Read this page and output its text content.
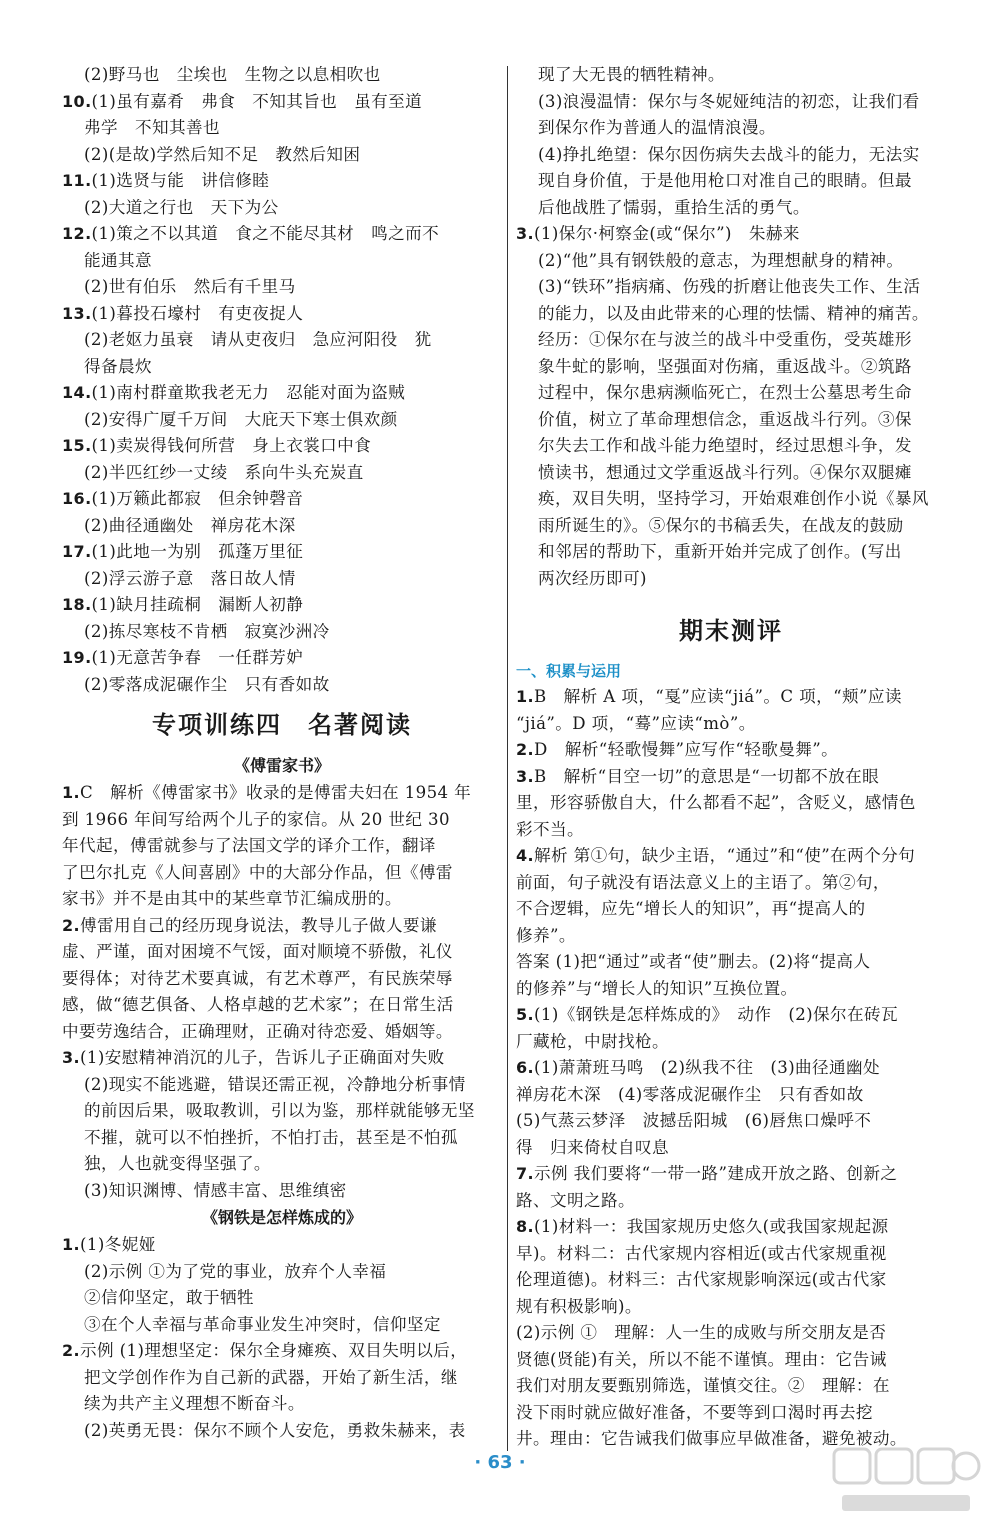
(2)野马也　尘埃也　生物之以息相吹也
10.(1)虽有嘉肴　弗食　不知其旨也　虽有至道
弗学　不知其善也
(2)(是故)学然后知不足　教然后知困
11.(1)选贤与能　讲信修睦
(2)大道之行也　天下为公
12.(1)策之不以其道　食之不能尽其材　鸣之而不
能通其意
(2)世有伯乐　然后有千里马
13.(1)暮投石壕村　有吏夜捉人
(2)老妪力虽衰　请从吏夜归　急应河阳役　犹
得备晨炊
14.(1)南村群童欺我老无力　忍能对面为盗贼
(2)安得广厦千万间　大庇天下寒士俱欢颜
15.(1)卖炭得钱何所营　身上衣裳口中食
(2)半匹红纱一丈绫　系向牛头充炭直
16.(1)万籁此都寂　但余钟磬音
(2)曲径通幽处　禅房花木深
17.(1)此地一为别　孤蓬万里征
(2)浮云游子意　落日故人情
18.(1)缺月挂疏桐　漏断人初静
(2)拣尽寒枝不肯栖　寂寞沙洲冷
19.(1)无意苦争春　一任群芳妒
(2)零落成泥碾作尘　只有香如故
专项训练四　名著阅读
《傅雷家书》
1.C　解析《傅雷家书》收录的是傅雷夫妇在 1954 年
到 1966 年间写给两个儿子的家信。从 20 世纪 30
年代起，傅雷就参与了法国文学的译介工作，翻译
了巴尔扎克《人间喜剧》中的大部分作品，但《傅雷
家书》并不是由其中的某些章节汇编成册的。
2.傅雷用自己的经历现身说法，教导儿子做人要谦
虚、严谨，面对困境不气馁，面对顺境不骄傲，礼仪
要得体；对待艺术要真诚，有艺术尊严，有民族荣辱
感，做“德艺俱备、人格卓越的艺术家”；在日常生活
中要劳逸结合，正确理财，正确对待恋爱、婚姻等。
3.(1)安慰精神消沉的儿子，告诉儿子正确面对失败
(2)现实不能逃避，错误还需正视，冷静地分析事情
的前因后果，吸取教训，引以为鉴，那样就能够无坚
不摧，就可以不怕挫折，不怕打击，甚至是不怕孤
独，人也就变得坚强了。
(3)知识渊博、情感丰富、思维缜密
《钢铁是怎样炼成的》
1.(1)冬妮娅
(2)示例 ①为了党的事业，放弃个人幸福
②信仰坚定，敢于牺牲
③在个人幸福与革命事业发生冲突时，信仰坚定
2.示例 (1)理想坚定：保尔全身瘫痪、双目失明以后，
把文学创作作为自己新的武器，开始了新生活，继
续为共产主义理想不断奋斗。
(2)英勇无畏：保尔不顾个人安危，勇救朱赫来，表
现了大无畏的牺牲精神。
(3)浪漫温情：保尔与冬妮娅纯洁的初恋，让我们看
到保尔作为普通人的温情浪漫。
(4)挣扎绝望：保尔因伤病失去战斗的能力，无法实
现自身价值，于是他用枪口对准自己的眼睛。但最
后他战胜了懦弱，重拾生活的勇气。
3.(1)保尔·柯察金(或“保尔”)　朱赫来
(2)“他”具有钢铁般的意志，为理想献身的精神。
(3)“铁环”指病痛、伤残的折磨让他丧失工作、生活
的能力，以及由此带来的心理的怯懦、精神的痛苦。
经历：①保尔在与波兰的战斗中受重伤，受英雄形
象牛虻的影响，坚强面对伤痛，重返战斗。②筑路
过程中，保尔患病濒临死亡，在烈士公墓思考生命
价值，树立了革命理想信念，重返战斗行列。③保
尔失去工作和战斗能力绝望时，经过思想斗争，发
愤读书，想通过文学重返战斗行列。④保尔双腿瘫
痪，双目失明，坚持学习，开始艰难创作小说《暴风
雨所诞生的》。⑤保尔的书稿丢失，在战友的鼓励
和邻居的帮助下，重新开始并完成了创作。(写出
两次经历即可)
期末测评
一、积累与运用
1.B　解析 A 项，“戛”应读“jiá”。C 项，“颊”应读
“jiá”。D 项，“蓦”应读“mò”。
2.D　解析“轻歌慢舞”应写作“轻歌曼舞”。
3.B　解析“目空一切”的意思是“一切都不放在眼
里，形容骄傲自大，什么都看不起”，含贬义，感情色
彩不当。
4.解析 第①句，缺少主语，“通过”和“使”在两个分句
前面，句子就没有语法意义上的主语了。第②句，
不合逻辑，应先“增长人的知识”，再“提高人的
修养”。
答案 (1)把“通过”或者“使”删去。(2)将“提高人
的修养”与“增长人的知识”互换位置。
5.(1)《钢铁是怎样炼成的》　动作　(2)保尔在砖瓦
厂藏枪，中尉找枪。
6.(1)萧萧班马鸣　(2)纵我不往　(3)曲径通幽处
禅房花木深　(4)零落成泥碾作尘　只有香如故
(5)气蒸云梦泽　波撼岳阳城　(6)唇焦口燥呼不
得　归来倚杖自叹息
7.示例 我们要将“一带一路”建成开放之路、创新之
路、文明之路。
8.(1)材料一：我国家规历史悠久(或我国家规起源
早)。材料二：古代家规内容相近(或古代家规重视
伦理道德)。材料三：古代家规影响深远(或古代家
规有积极影响)。
(2)示例 ①　理解：人一生的成败与所交朋友是否
贤德(贤能)有关，所以不能不谨慎。理由：它告诫
我们对朋友要甄别筛选，谨慎交往。②　理解：在
没下雨时就应做好准备，不要等到口渴时再去挖
井。理由：它告诫我们做事应早做准备，避免被动。
· 63 ·
